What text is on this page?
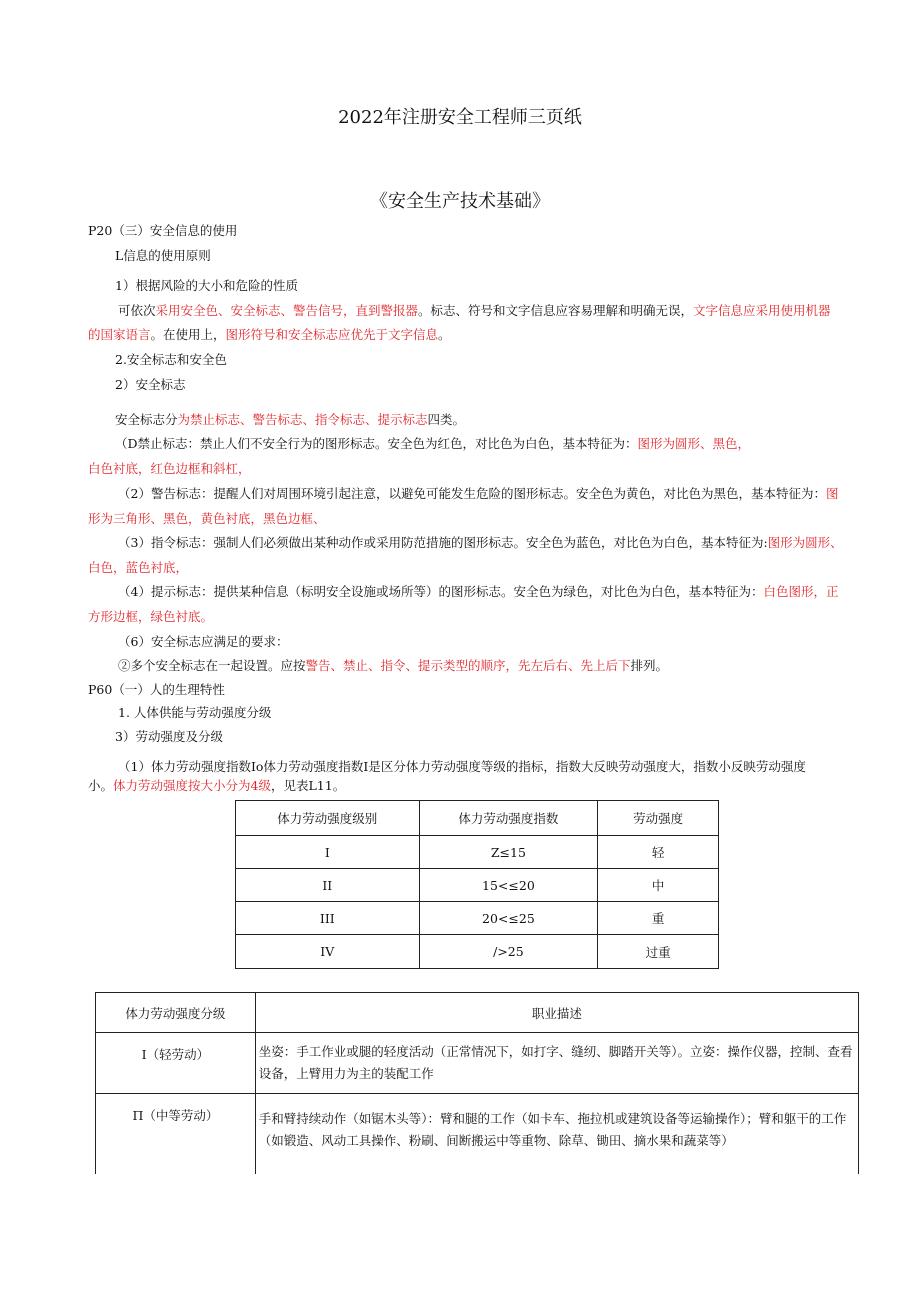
2022年注册安全工程师三页纸
《安全生产技术基础》
P20（三）安全信息的使用
L信息的使用原则
1）根据风险的大小和危险的性质
可依次采用安全色、安全标志、警告信号，直到警报器。标志、符号和文字信息应容易理解和明确无误，文字信息应采用使用机器
的国家语言。在使用上，图形符号和安全标志应优先于文字信息。
2.安全标志和安全色
2）安全标志
安全标志分为禁止标志、警告标志、指令标志、提示标志四类。
（D禁止标志：禁止人们不安全行为的图形标志。安全色为红色，对比色为白色，基本特征为：图形为圆形、黑色，
白色衬底，红色边框和斜杠，
（2）警告标志：提醒人们对周围环境引起注意，以避免可能发生危险的图形标志。安全色为黄色，对比色为黑色，基本特征为：图
形为三角形、黑色，黄色衬底，黑色边框、
（3）指令标志：强制人们必须做出某种动作或采用防范措施的图形标志。安全色为蓝色，对比色为白色，基本特征为:图形为圆形、
白色，蓝色衬底，
（4）提示标志：提供某种信息（标明安全设施或场所等）的图形标志。安全色为绿色，对比色为白色，基本特征为：白色图形，正
方形边框，绿色衬底。
（6）安全标志应满足的要求：
②多个安全标志在一起设置。应按警告、禁止、指令、提示类型的顺序，先左后右、先上后下排列。
P60（一）人的生理特性
1. 人体供能与劳动强度分级
3）劳动强度及分级
（1）体力劳动强度指数Io体力劳动强度指数I是区分体力劳动强度等级的指标，指数大反映劳动强度大，指数小反映劳动强度
小。体力劳动强度按大小分为4级，见表L11。
体力劳动强度级别	体力劳动强度指数	劳动强度
I	Z≤15	轻
II	15<≤20	中
III	20<≤25	重
IV	/>25	过重
体力劳动强度分级	职业描述
I（轻劳动）	坐姿：手工作业或腿的轻度活动（正常情况下，如打字、缝纫、脚踏开关等）。立姿：操作仪器，控制、查看设备，上臂用力为主的装配工作
Π（中等劳动）	手和臂持续动作（如锯木头等）：臂和腿的工作（如卡车、拖拉机或建筑设备等运输操作）；臂和躯干的工作（如锻造、风动工具操作、粉刷、间断搬运中等重物、除草、锄田、摘水果和蔬菜等）
